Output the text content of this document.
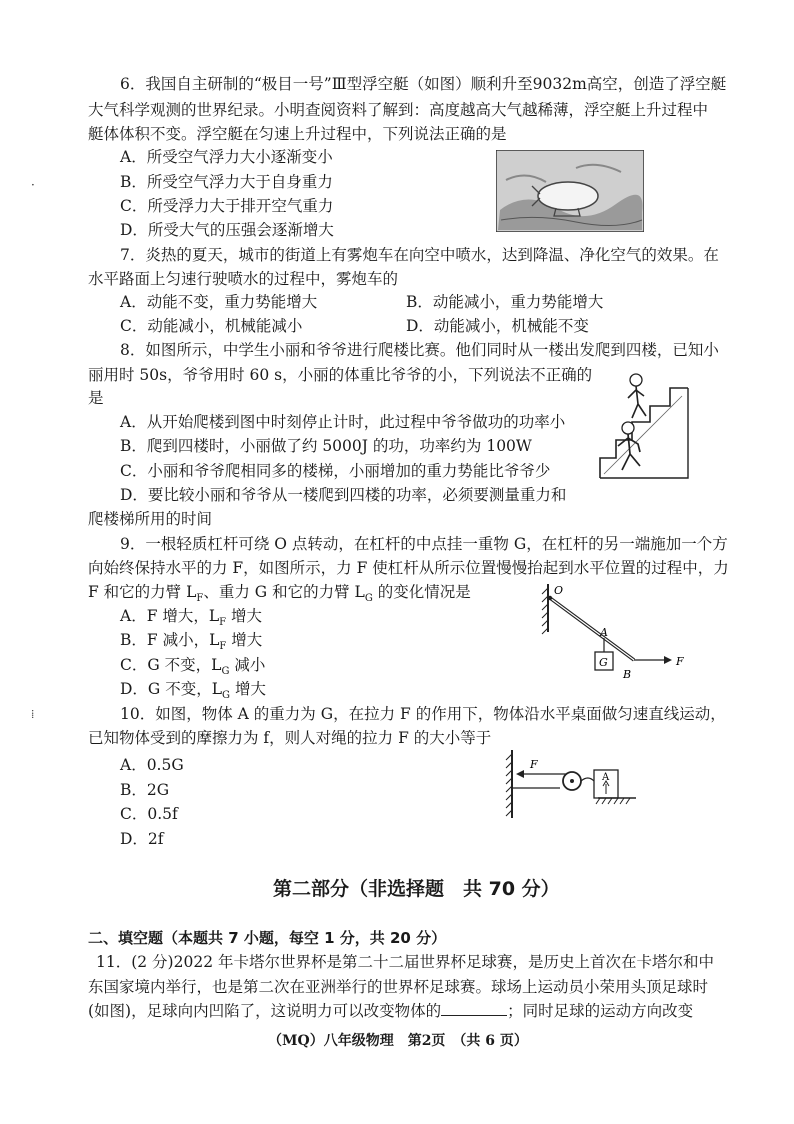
6．我国自主研制的“极目一号”Ⅲ型浮空艇（如图）顺利升至9032m高空，创造了浮空艇
大气科学观测的世界纪录。小明查阅资料了解到：高度越高大气越稀薄，浮空艇上升过程中
艇体体积不变。浮空艇在匀速上升过程中，下列说法正确的是
A．所受空气浮力大小逐渐变小
B．所受空气浮力大于自身重力
C．所受浮力大于排开空气重力
D．所受大气的压强会逐渐增大
7．炎热的夏天，城市的街道上有雾炮车在向空中喷水，达到降温、净化空气的效果。在
水平路面上匀速行驶喷水的过程中，雾炮车的
A．动能不变，重力势能增大	B．动能减小，重力势能增大
C．动能减小，机械能减小	D．动能减小，机械能不变
8．如图所示，中学生小丽和爷爷进行爬楼比赛。他们同时从一楼出发爬到四楼，已知小
丽用时 50s，爷爷用时 60 s，小丽的体重比爷爷的小，下列说法不正确的
是
A．从开始爬楼到图中时刻停止计时，此过程中爷爷做功的功率小
B．爬到四楼时，小丽做了约 5000J 的功，功率约为 100W
C．小丽和爷爷爬相同多的楼梯，小丽增加的重力势能比爷爷少
D．要比较小丽和爷爷从一楼爬到四楼的功率，必须要测量重力和
爬楼梯所用的时间
9．一根轻质杠杆可绕 O 点转动，在杠杆的中点挂一重物 G，在杠杆的另一端施加一个方
向始终保持水平的力 F，如图所示，力 F 使杠杆从所示位置慢慢抬起到水平位置的过程中，力
F 和它的力臂 $L_F$、重力 G 和它的力臂 $L_G$ 的变化情况是
A．F 增大，$L_F$ 增大
B．F 减小，$L_F$ 增大
C．G 不变，$L_G$ 减小
D．G 不变，$L_G$ 增大
O
A
B
G	F
10．如图，物体 A 的重力为 G，在拉力 F 的作用下，物体沿水平桌面做匀速直线运动，
已知物体受到的摩擦力为 f，则人对绳的拉力 F 的大小等于
A．0.5G
B．2G
C．0.5f
D．2f
F
A
第二部分（非选择题　共 70 分）
二、填空题（本题共 7 小题，每空 1 分，共 20 分）
11．(2 分)2022 年卡塔尔世界杯是第二十二届世界杯足球赛，是历史上首次在卡塔尔和中
东国家境内举行，也是第二次在亚洲举行的世界杯足球赛。球场上运动员小荣用头顶足球时
(如图)，足球向内凹陷了，这说明力可以改变物体的	；同时足球的运动方向改变
（MQ）八年级物理　第2页　（共 6 页）
·
⁞
